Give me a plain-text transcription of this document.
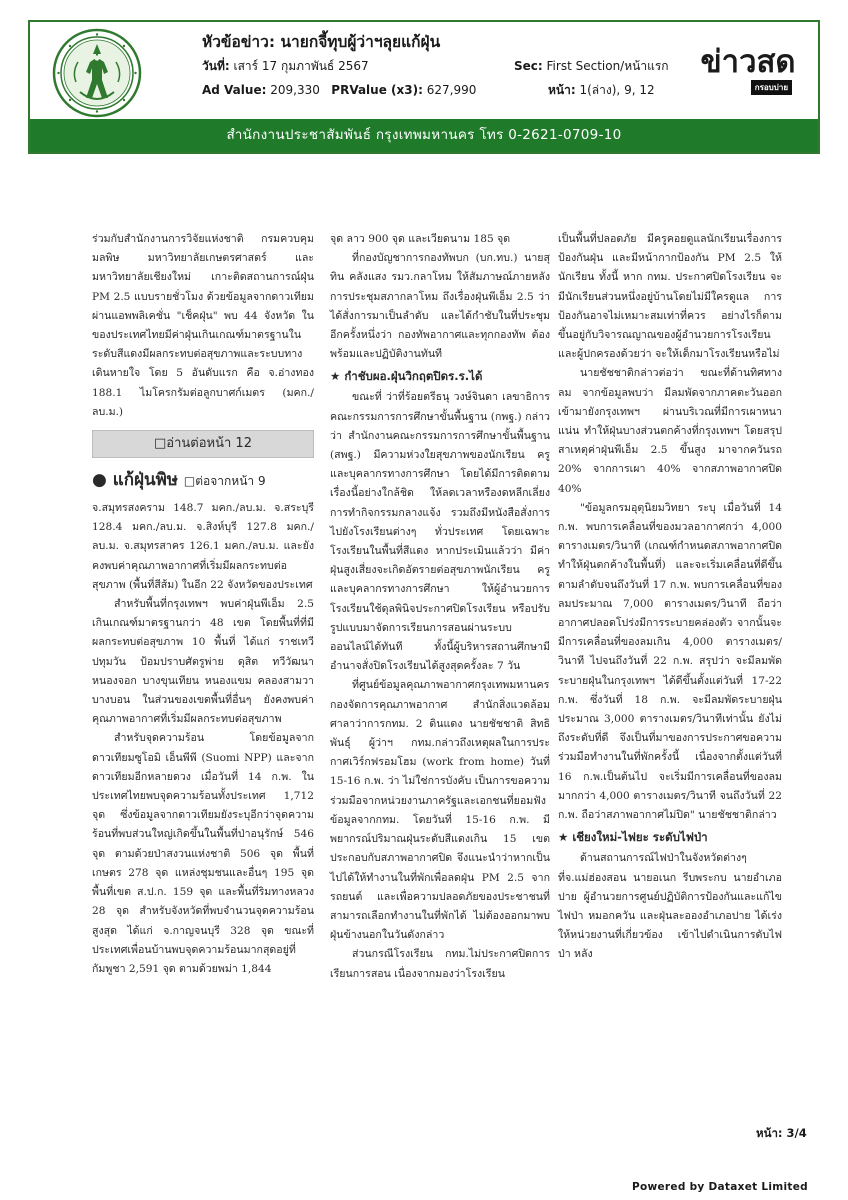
หัวข้อข่าว: นายกจี้ทุบผู้ว่าฯลุยแก้ฝุ่น
วันที่: เสาร์ 17 กุมภาพันธ์ 2567	Sec: First Section/หน้าแรก
Ad Value: 209,330 PRValue (x3): 627,990	หน้า: 1(ล่าง), 9, 12
ข่าวสด
กรอบบ่าย
สำนักงานประชาสัมพันธ์ กรุงเทพมหานคร โทร 0-2621-0709-10

ร่วมกับสำนักงานการวิจัยแห่งชาติ กรมควบคุมมลพิษ มหาวิทยาลัยเกษตรศาสตร์ และมหาวิทยาลัยเชียงใหม่ เกาะติดสถานการณ์ฝุ่น PM 2.5 แบบรายชั่วโมง ด้วยข้อมูลจากดาวเทียมผ่านแอพพลิเคชั่น "เช็คฝุ่น" พบ 44 จังหวัด ในของประเทศไทยมีค่าฝุ่นเกินเกณฑ์มาตรฐานในระดับสีแดงมีผลกระทบต่อสุขภาพและระบบทางเดินหายใจ โดย 5 อันดับแรก คือ จ.อ่างทอง 188.1 ไมโครกรัมต่อลูกบาศก์เมตร (มคก./ลบ.ม.)

□อ่านต่อหน้า 12
● แก้ฝุ่นพิษ □ต่อจากหน้า 9

จ.สมุทรสงคราม 148.7 มคก./ลบ.ม. จ.สระบุรี 128.4 มคก./ลบ.ม. จ.สิงห์บุรี 127.8 มคก./ลบ.ม. จ.สมุทรสาคร 126.1 มคก./ลบ.ม. และยังคงพบค่าคุณภาพอากาศที่เริ่มมีผลกระทบต่อสุขภาพ (พื้นที่สีส้ม) ในอีก 22 จังหวัดของประเทศ

สำหรับพื้นที่กรุงเทพฯ พบค่าฝุ่นพีเอ็ม 2.5 เกินเกณฑ์มาตรฐานกว่า 48 เขต โดยพื้นที่ที่มีผลกระทบต่อสุขภาพ 10 พื้นที่ ได้แก่ ราชเทวี ปทุมวัน ป้อมปราบศัตรูพ่าย ดุสิต ทวีวัฒนา หนองจอก บางขุนเทียน หนองแขม คลองสามวา บางบอน ในส่วนของเขตพื้นที่อื่นๆ ยังคงพบค่าคุณภาพอากาศที่เริ่มมีผลกระทบต่อสุขภาพ

สำหรับจุดความร้อน โดยข้อมูลจากดาวเทียมซูโอมิ เอ็นพีพี (Suomi NPP) และจากดาวเทียมอีกหลายดวง เมื่อวันที่ 14 ก.พ. ในประเทศไทยพบจุดความร้อนทั้งประเทศ 1,712 จุด ซึ่งข้อมูลจากดาวเทียมยังระบุอีกว่าจุดความร้อนที่พบส่วนใหญ่เกิดขึ้นในพื้นที่ป่าอนุรักษ์ 546 จุด ตามด้วยป่าสงวนแห่งชาติ 506 จุด พื้นที่เกษตร 278 จุด แหล่งชุมชนและอื่นๆ 195 จุด พื้นที่เขต ส.ป.ก. 159 จุด และพื้นที่ริมทางหลวง 28 จุด สำหรับจังหวัดที่พบจำนวนจุดความร้อนสูงสุด ได้แก่ จ.กาญจนบุรี 328 จุด ขณะที่ประเทศเพื่อนบ้านพบจุดความร้อนมากสุดอยู่ที่กัมพูชา 2,591 จุด ตามด้วยพม่า 1,844

จุด ลาว 900 จุด และเวียดนาม 185 จุด

ที่กองบัญชาการกองทัพบก (บก.ทบ.) นายสุทิน คลังแสง รมว.กลาโหม ให้สัมภาษณ์ภายหลังการประชุมสภากลาโหม ถึงเรื่องฝุ่นพีเอ็ม 2.5 ว่า ได้สั่งการมาเป็นลำดับ และได้กำชับในที่ประชุมอีกครั้งหนึ่งว่า กองทัพอากาศและทุกกองทัพ ต้องพร้อมและปฏิบัติงานทันที

★ กำชับผอ.ฝุ่นวิกฤตปิดร.ร.ได้

ขณะที่ ว่าที่ร้อยตรีธนุ วงษ์จินดา เลขาธิการคณะกรรมการการศึกษาขั้นพื้นฐาน (กพฐ.) กล่าวว่า สำนักงานคณะกรรมการการศึกษาขั้นพื้นฐาน (สพฐ.) มีความห่วงใยสุขภาพของนักเรียน ครูและบุคลากรทางการศึกษา โดยได้มีการติดตามเรื่องนี้อย่างใกล้ชิด ให้ลดเวลาหรืองดหลีกเลี่ยงการทำกิจกรรมกลางแจ้ง รวมถึงมีหนังสือสั่งการไปยังโรงเรียนต่างๆ ทั่วประเทศ โดยเฉพาะโรงเรียนในพื้นที่สีแดง หากประเมินแล้วว่า มีค่าฝุ่นสูงเสี่ยงจะเกิดอัตรายต่อสุขภาพนักเรียน ครูและบุคลากรทางการศึกษา ให้ผู้อำนวยการโรงเรียนใช้ดุลพินิจประกาศปิดโรงเรียน หรือปรับรูปแบบมาจัดการเรียนการสอนผ่านระบบออนไลน์ได้ทันที ทั้งนี้ผู้บริหารสถานศึกษามีอำนาจสั่งปิดโรงเรียนได้สูงสุดครั้งละ 7 วัน

ที่ศูนย์ข้อมูลคุณภาพอากาศกรุงเทพมหานคร กองจัดการคุณภาพอากาศ สำนักสิ่งแวดล้อม ศาลาว่าการกทม. 2 ดินแดง นายชัชชาติ สิทธิพันธุ์ ผู้ว่าฯ กทม.กล่าวถึงเหตุผลในการประกาศเวิร์กฟรอมโฮม (work from home) วันที่ 15-16 ก.พ. ว่า ไม่ใช่การบังคับ เป็นการขอความร่วมมือจากหน่วยงานภาครัฐและเอกชนที่ยอมฟังข้อมูลจากกทม. โดยวันที่ 15-16 ก.พ. มีพยากรณ์ปริมาณฝุ่นระดับสีแดงเกิน 15 เขต ประกอบกับสภาพอากาศปิด จึงแนะนำว่าหากเป็นไปได้ให้ทำงานในที่พักเพื่อลดฝุ่น PM 2.5 จากรถยนต์ และเพื่อความปลอดภัยของประชาชนที่สามารถเลือกทำงานในที่พักได้ ไม่ต้องออกมาพบฝุ่นข้างนอกในวันดังกล่าว

ส่วนกรณีโรงเรียน กทม.ไม่ประกาศปิดการเรียนการสอน เนื่องจากมองว่าโรงเรียน

เป็นพื้นที่ปลอดภัย มีครูคอยดูแลนักเรียนเรื่องการป้องกันฝุ่น และมีหน้ากากป้องกัน PM 2.5 ให้นักเรียน ทั้งนี้ หาก กทม. ประกาศปิดโรงเรียน จะมีนักเรียนส่วนหนึ่งอยู่บ้านโดยไม่มีใครดูแล การป้องกันอาจไม่เหมาะสมเท่าที่ควร อย่างไรก็ตามขึ้นอยู่กับวิจารณญาณของผู้อำนวยการโรงเรียนและผู้ปกครองด้วยว่า จะให้เด็กมาโรงเรียนหรือไม่

นายชัชชาติกล่าวต่อว่า ขณะที่ด้านทิศทางลม จากข้อมูลพบว่า มีลมพัดจากภาคตะวันออกเข้ามายังกรุงเทพฯ ผ่านบริเวณที่มีการเผาหนาแน่น ทำให้ฝุ่นบางส่วนตกค้างที่กรุงเทพฯ โดยสรุป สาเหตุค่าฝุ่นพีเอ็ม 2.5 ขึ้นสูง มาจากควันรถ 20% จากการเผา 40% จากสภาพอากาศปิด 40%

"ข้อมูลกรมอุตุนิยมวิทยา ระบุ เมื่อวันที่ 14 ก.พ. พบการเคลื่อนที่ของมวลอากาศกว่า 4,000 ตารางเมตร/วินาที (เกณฑ์กำหนดสภาพอากาศปิด ทำให้ฝุ่นตกค้างในพื้นที่) และจะเริ่มเคลื่อนที่ดีขึ้นตามลำดับจนถึงวันที่ 17 ก.พ. พบการเคลื่อนที่ของลมประมาณ 7,000 ตารางเมตร/วินาที ถือว่าอากาศปลอดโปร่งมีการระบายคล่องตัว จากนั้นจะมีการเคลื่อนที่ของลมเกิน 4,000 ตารางเมตร/วินาที ไปจนถึงวันที่ 22 ก.พ. สรุปว่า จะมีลมพัดระบายฝุ่นในกรุงเทพฯ ได้ดีขึ้นตั้งแต่วันที่ 17-22 ก.พ. ซึ่งวันที่ 18 ก.พ. จะมีลมพัดระบายฝุ่นประมาณ 3,000 ตารางเมตร/วินาทีเท่านั้น ยังไม่ถึงระดับที่ดี จึงเป็นที่มาของการประกาศขอความร่วมมือทำงานในที่พักครั้งนี้ เนื่องจากตั้งแต่วันที่ 16 ก.พ.เป็นต้นไป จะเริ่มมีการเคลื่อนที่ของลมมากกว่า 4,000 ตารางเมตร/วินาที จนถึงวันที่ 22 ก.พ. ถือว่าสภาพอากาศไม่ปิด" นายชัชชาติกล่าว

★ เชียงใหม่-ไฟยะ ระดับไฟป่า

ด้านสถานการณ์ไฟป่าในจังหวัดต่างๆ ที่จ.แม่ฮ่องสอน นายอเนก รีบพระกบ นายอำเภอปาย ผู้อำนวยการศูนย์ปฏิบัติการป้องกันและแก้ไขไฟป่า หมอกควัน และฝุ่นละอองอำเภอปาย ได้เร่งให้หน่วยงานที่เกี่ยวข้อง เข้าไปดำเนินการดับไฟป่า หลัง

หน้า: 3/4
Powered by Dataxet Limited
